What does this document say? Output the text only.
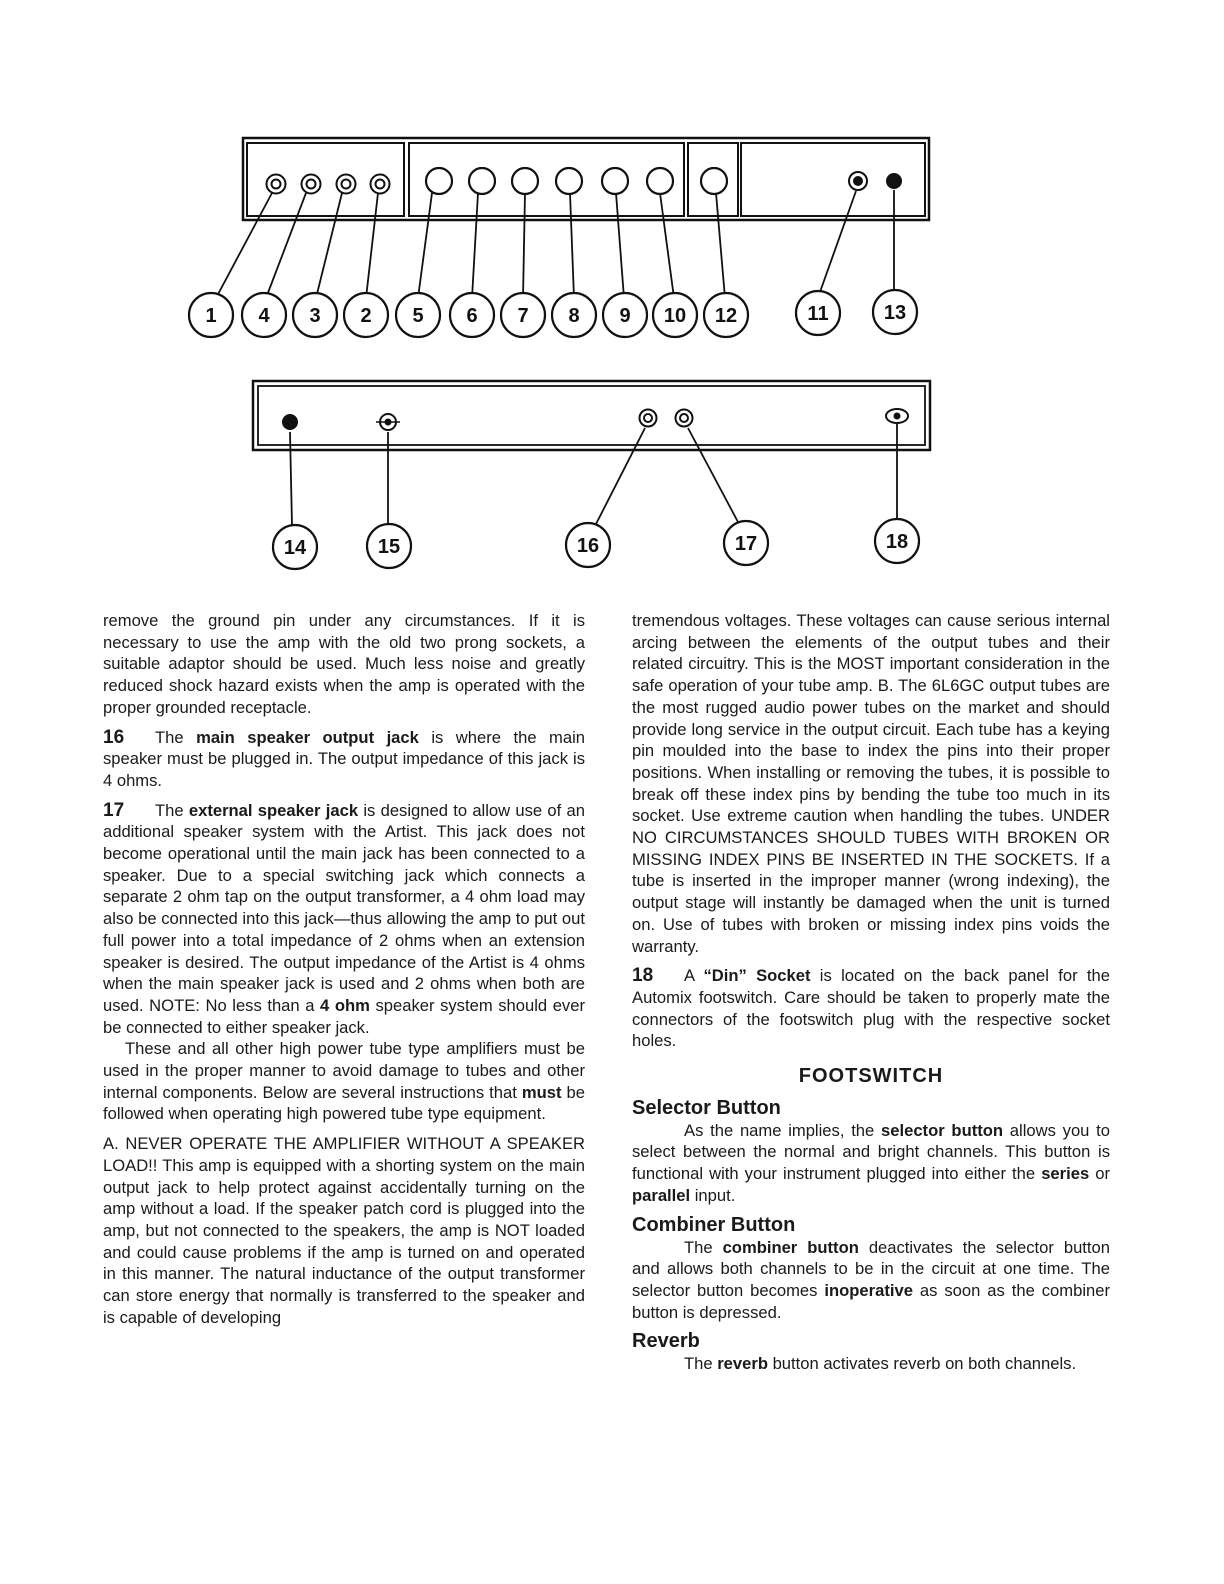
1 4 3 2 5 6 7 8 9 10 12	11	13
14	15	16	17	18

remove the ground pin under any circumstances. If it is necessary to use the amp with the old two prong sockets, a suitable adaptor should be used. Much less noise and greatly reduced shock hazard exists when the amp is operated with the proper grounded receptacle.

16 The main speaker output jack is where the main speaker must be plugged in. The output impedance of this jack is 4 ohms.

17 The external speaker jack is designed to allow use of an additional speaker system with the Artist. This jack does not become operational until the main jack has been connected to a speaker. Due to a special switching jack which connects a separate 2 ohm tap on the output transformer, a 4 ohm load may also be connected into this jack—thus allowing the amp to put out full power into a total impedance of 2 ohms when an extension speaker is desired. The output impedance of the Artist is 4 ohms when the main speaker jack is used and 2 ohms when both are used. NOTE: No less than a 4 ohm speaker system should ever be connected to either speaker jack.

These and all other high power tube type amplifiers must be used in the proper manner to avoid damage to tubes and other internal components. Below are several instructions that must be followed when operating high powered tube type equipment.

A. NEVER OPERATE THE AMPLIFIER WITHOUT A SPEAKER LOAD!! This amp is equipped with a shorting system on the main output jack to help protect against accidentally turning on the amp without a load. If the speaker patch cord is plugged into the amp, but not connected to the speakers, the amp is NOT loaded and could cause problems if the amp is turned on and operated in this manner. The natural inductance of the output transformer can store energy that normally is transferred to the speaker and is capable of developing

tremendous voltages. These voltages can cause serious internal arcing between the elements of the output tubes and their related circuitry. This is the MOST important consideration in the safe operation of your tube amp. B. The 6L6GC output tubes are the most rugged audio power tubes on the market and should provide long service in the output circuit. Each tube has a keying pin moulded into the base to index the pins into their proper positions. When installing or removing the tubes, it is possible to break off these index pins by bending the tube too much in its socket. Use extreme caution when handling the tubes. UNDER NO CIRCUMSTANCES SHOULD TUBES WITH BROKEN OR MISSING INDEX PINS BE INSERTED IN THE SOCKETS. If a tube is inserted in the improper manner (wrong indexing), the output stage will instantly be damaged when the unit is turned on. Use of tubes with broken or missing index pins voids the warranty.

18 A “Din” Socket is located on the back panel for the Automix footswitch. Care should be taken to properly mate the connectors of the footswitch plug with the respective socket holes.

FOOTSWITCH

Selector Button

As the name implies, the selector button allows you to select between the normal and bright channels. This button is functional with your instrument plugged into either the series or parallel input.

Combiner Button

The combiner button deactivates the selector button and allows both channels to be in the circuit at one time. The selector button becomes inoperative as soon as the combiner button is depressed.

Reverb

The reverb button activates reverb on both channels.
